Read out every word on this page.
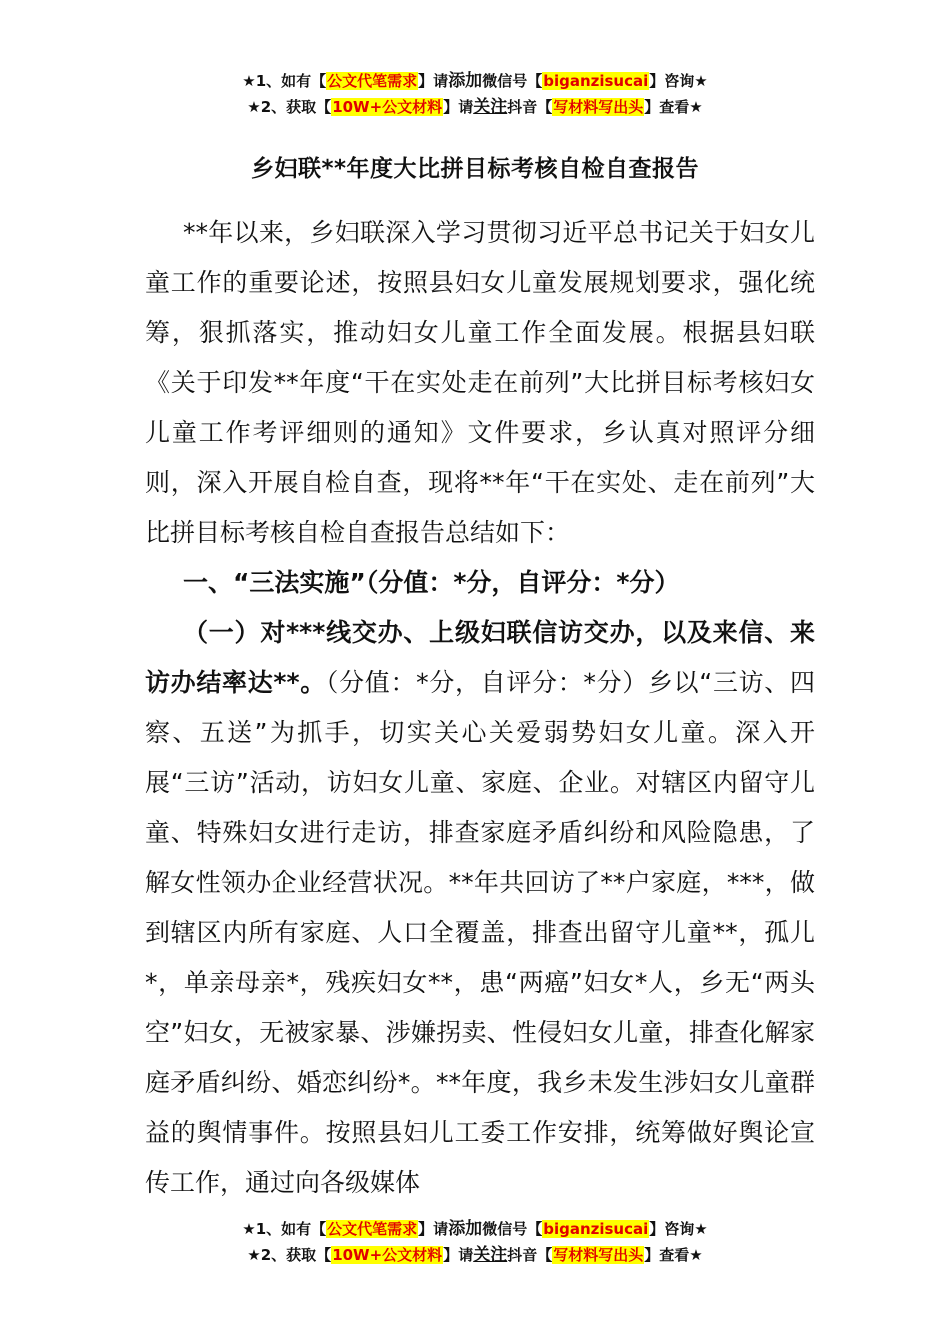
★1、如有【公文代笔需求】请添加微信号【biganzisucai】咨询★
★2、获取【10W+公文材料】请关注抖音【写材料写出头】查看★
乡妇联**年度大比拼目标考核自检自查报告

**年以来，乡妇联深入学习贯彻习近平总书记关于妇女儿童工作的重要论述，按照县妇女儿童发展规划要求，强化统筹，狠抓落实，推动妇女儿童工作全面发展。根据县妇联《关于印发**年度“干在实处走在前列”大比拼目标考核妇女儿童工作考评细则的通知》文件要求，乡认真对照评分细则，深入开展自检自查，现将**年“干在实处、走在前列”大比拼目标考核自检自查报告总结如下：

一、“三法实施”（分值：*分，自评分：*分）

（一）对***线交办、上级妇联信访交办，以及来信、来访办结率达**。（分值：*分，自评分：*分）乡以“三访、四察、五送”为抓手，切实关心关爱弱势妇女儿童。深入开展“三访”活动，访妇女儿童、家庭、企业。对辖区内留守儿童、特殊妇女进行走访，排查家庭矛盾纠纷和风险隐患，了解女性领办企业经营状况。**年共回访了**户家庭，***，做到辖区内所有家庭、人口全覆盖，排查出留守儿童**，孤儿*，单亲母亲*，残疾妇女**，患“两癌”妇女*人，乡无“两头空”妇女，无被家暴、涉嫌拐卖、性侵妇女儿童，排查化解家庭矛盾纠纷、婚恋纠纷*。**年度，我乡未发生涉妇女儿童群益的舆情事件。按照县妇儿工委工作安排，统筹做好舆论宣传工作，通过向各级媒体

★1、如有【公文代笔需求】请添加微信号【biganzisucai】咨询★
★2、获取【10W+公文材料】请关注抖音【写材料写出头】查看★
